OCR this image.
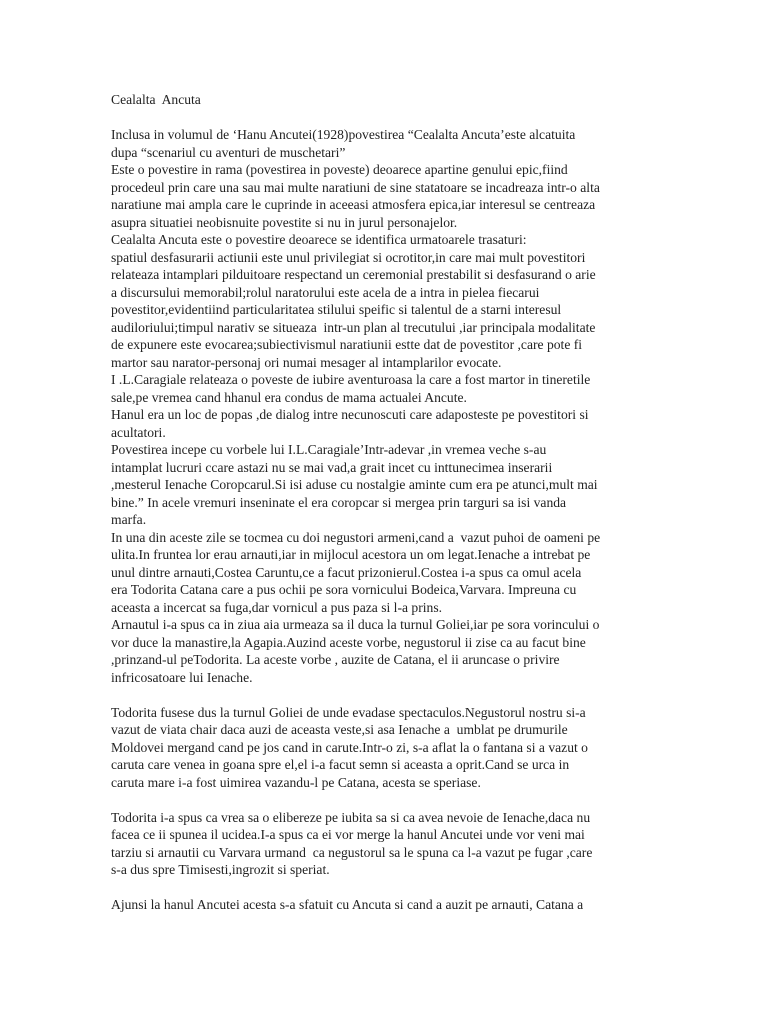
Cealalta  Ancuta
Inclusa in volumul de ‘Hanu Ancutei(1928)povestirea “Cealalta Ancuta’este alcatuita
dupa “scenariul cu aventuri de muschetari”
Este o povestire in rama (povestirea in poveste) deoarece apartine genului epic,fiind
procedeul prin care una sau mai multe naratiuni de sine statatoare se incadreaza intr-o alta
naratiune mai ampla care le cuprinde in aceeasi atmosfera epica,iar interesul se centreaza
asupra situatiei neobisnuite povestite si nu in jurul personajelor.
Cealalta Ancuta este o povestire deoarece se identifica urmatoarele trasaturi:
spatiul desfasurarii actiunii este unul privilegiat si ocrotitor,in care mai mult povestitori
relateaza intamplari pilduitoare respectand un ceremonial prestabilit si desfasurand o arie
a discursului memorabil;rolul naratorului este acela de a intra in pielea fiecarui
povestitor,evidentiind particularitatea stilului speific si talentul de a starni interesul
audiloriului;timpul narativ se situeaza  intr-un plan al trecutului ,iar principala modalitate
de expunere este evocarea;subiectivismul naratiunii estte dat de povestitor ,care pote fi
martor sau narator-personaj ori numai mesager al intamplarilor evocate.
I .L.Caragiale relateaza o poveste de iubire aventuroasa la care a fost martor in tineretile
sale,pe vremea cand hhanul era condus de mama actualei Ancute.
Hanul era un loc de popas ,de dialog intre necunoscuti care adaposteste pe povestitori si
acultatori.
Povestirea incepe cu vorbele lui I.L.Caragiale’Intr-adevar ,in vremea veche s-au
intamplat lucruri ccare astazi nu se mai vad,a grait incet cu inttunecimea inserarii
,mesterul Ienache Coropcarul.Si isi aduse cu nostalgie aminte cum era pe atunci,mult mai
bine.” In acele vremuri inseninate el era coropcar si mergea prin targuri sa isi vanda
marfa.
In una din aceste zile se tocmea cu doi negustori armeni,cand a  vazut puhoi de oameni pe
ulita.In fruntea lor erau arnauti,iar in mijlocul acestora un om legat.Ienache a intrebat pe
unul dintre arnauti,Costea Caruntu,ce a facut prizonierul.Costea i-a spus ca omul acela
era Todorita Catana care a pus ochii pe sora vornicului Bodeica,Varvara. Impreuna cu
aceasta a incercat sa fuga,dar vornicul a pus paza si l-a prins.
Arnautul i-a spus ca in ziua aia urmeaza sa il duca la turnul Goliei,iar pe sora vorincului o
vor duce la manastire,la Agapia.Auzind aceste vorbe, negustorul ii zise ca au facut bine
,prinzand-ul peTodorita. La aceste vorbe , auzite de Catana, el ii aruncase o privire
infricosatoare lui Ienache.
Todorita fusese dus la turnul Goliei de unde evadase spectaculos.Negustorul nostru si-a
vazut de viata chair daca auzi de aceasta veste,si asa Ienache a  umblat pe drumurile
Moldovei mergand cand pe jos cand in carute.Intr-o zi, s-a aflat la o fantana si a vazut o
caruta care venea in goana spre el,el i-a facut semn si aceasta a oprit.Cand se urca in
caruta mare i-a fost uimirea vazandu-l pe Catana, acesta se speriase.
Todorita i-a spus ca vrea sa o elibereze pe iubita sa si ca avea nevoie de Ienache,daca nu
facea ce ii spunea il ucidea.I-a spus ca ei vor merge la hanul Ancutei unde vor veni mai
tarziu si arnautii cu Varvara urmand  ca negustorul sa le spuna ca l-a vazut pe fugar ,care
s-a dus spre Timisesti,ingrozit si speriat.
Ajunsi la hanul Ancutei acesta s-a sfatuit cu Ancuta si cand a auzit pe arnauti, Catana a
